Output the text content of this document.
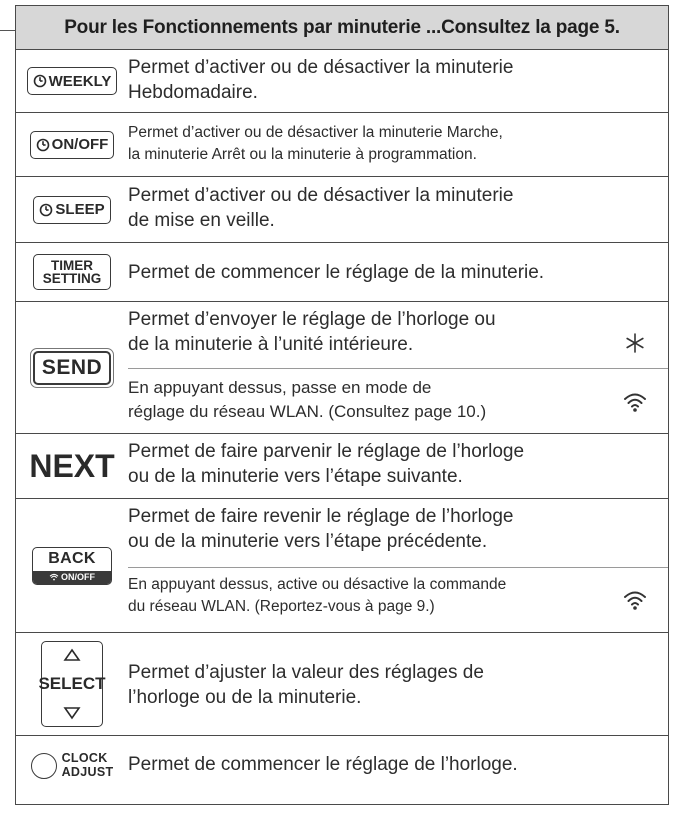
Pour les Fonctionnements par minuterie ...Consultez la page 5.
WEEKLY
Permet d’activer ou de désactiver la minuterie
Hebdomadaire.
ON/OFF
Permet d’activer ou de désactiver la minuterie Marche,
la minuterie Arrêt ou la minuterie à programmation.
SLEEP
Permet d’activer ou de désactiver la minuterie
de mise en veille.
TIMER
SETTING Permet de commencer le réglage de la minuterie.
SEND
Permet d’envoyer le réglage de l’horloge ou
de la minuterie à l’unité intérieure.
En appuyant dessus, passe en mode de
réglage du réseau WLAN. (Consultez page 10.)
NEXT Permet de faire parvenir le réglage de l’horloge
ou de la minuterie vers l’étape suivante.
BACK
ON/OFF
Permet de faire revenir le réglage de l’horloge
ou de la minuterie vers l’étape précédente.
En appuyant dessus, active ou désactive la commande
du réseau WLAN. (Reportez-vous à page 9.)
SELECT
Permet d’ajuster la valeur des réglages de
l’horloge ou de la minuterie.
CLOCK
ADJUST Permet de commencer le réglage de l’horloge.
